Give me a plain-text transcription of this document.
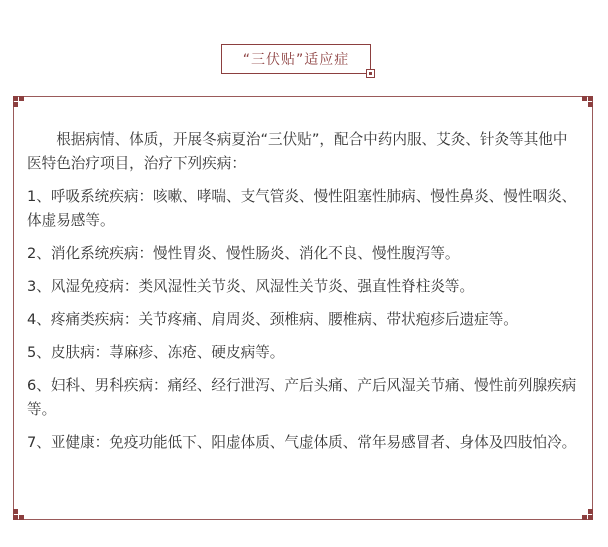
“三伏贴”适应症

根据病情、体质，开展冬病夏治“三伏贴”，配合中药内服、艾灸、针灸等其他中医特色治疗项目，治疗下列疾病：

1、呼吸系统疾病：咳嗽、哮喘、支气管炎、慢性阻塞性肺病、慢性鼻炎、慢性咽炎、体虚易感等。

2、消化系统疾病：慢性胃炎、慢性肠炎、消化不良、慢性腹泻等。

3、风湿免疫病：类风湿性关节炎、风湿性关节炎、强直性脊柱炎等。

4、疼痛类疾病：关节疼痛、肩周炎、颈椎病、腰椎病、带状疱疹后遗症等。

5、皮肤病：荨麻疹、冻疮、硬皮病等。

6、妇科、男科疾病：痛经、经行泄泻、产后头痛、产后风湿关节痛、慢性前列腺疾病等。

7、亚健康：免疫功能低下、阳虚体质、气虚体质、常年易感冒者、身体及四肢怕冷。
